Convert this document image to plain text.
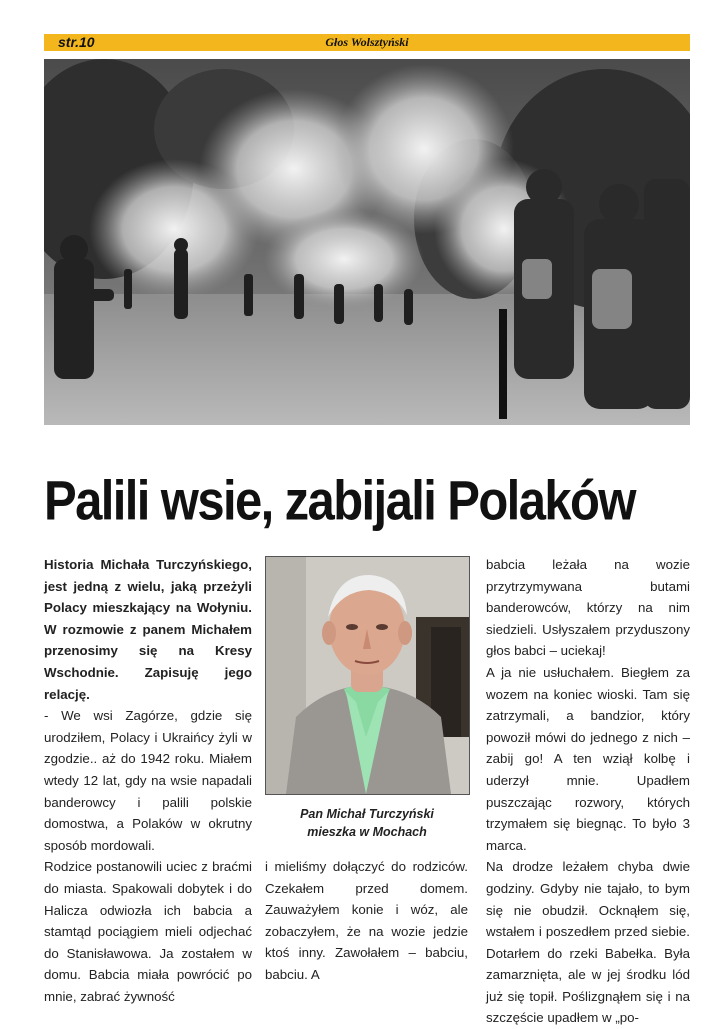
str.10	Głos Wolsztyński
Palili wsie, zabijali Polaków

Historia Michała Turczyńskiego, jest jedną z wielu, jaką przeżyli Polacy mieszkający na Wołyniu. W rozmowie z panem Michałem przenosimy się na Kresy Wschodnie. Zapisuję jego relację.

- We wsi Zagórze, gdzie się urodziłem, Polacy i Ukraińcy żyli w zgodzie.. aż do 1942 roku. Miałem wtedy 12 lat, gdy na wsie napadali banderowcy i palili polskie domostwa, a Polaków w okrutny sposób mordowali.

Rodzice postanowili uciec z braćmi do miasta. Spakowali dobytek i do Halicza odwiozła ich babcia a stamtąd pociągiem mieli odjechać do Stanisławowa. Ja zostałem w domu. Babcia miała powrócić po mnie, zabrać żywność

Pan Michał Turczyński
mieszka w Mochach

i mieliśmy dołączyć do rodziców. Czekałem przed domem. Zauważyłem konie i wóz, ale zobaczyłem, że na wozie jedzie ktoś inny. Zawołałem – babciu, babciu. A

babcia leżała na wozie przytrzymywana butami banderowców, którzy na nim siedzieli. Usłyszałem przyduszony głos babci – uciekaj!

A ja nie usłuchałem. Biegłem za wozem na koniec wioski. Tam się zatrzymali, a bandzior, który powoził mówi do jednego z nich – zabij go! A ten wziął kolbę i uderzył mnie. Upadłem puszczając rozwory, których trzymałem się biegnąc. To było 3 marca.

Na drodze leżałem chyba dwie godziny. Gdyby nie tajało, to bym się nie obudził. Ocknąłem się, wstałem i poszedłem przed siebie. Dotarłem do rzeki Babełka. Była zamarznięta, ale w jej środku lód już się topił. Poślizgnąłem się i na szczęście upadłem w „po-
